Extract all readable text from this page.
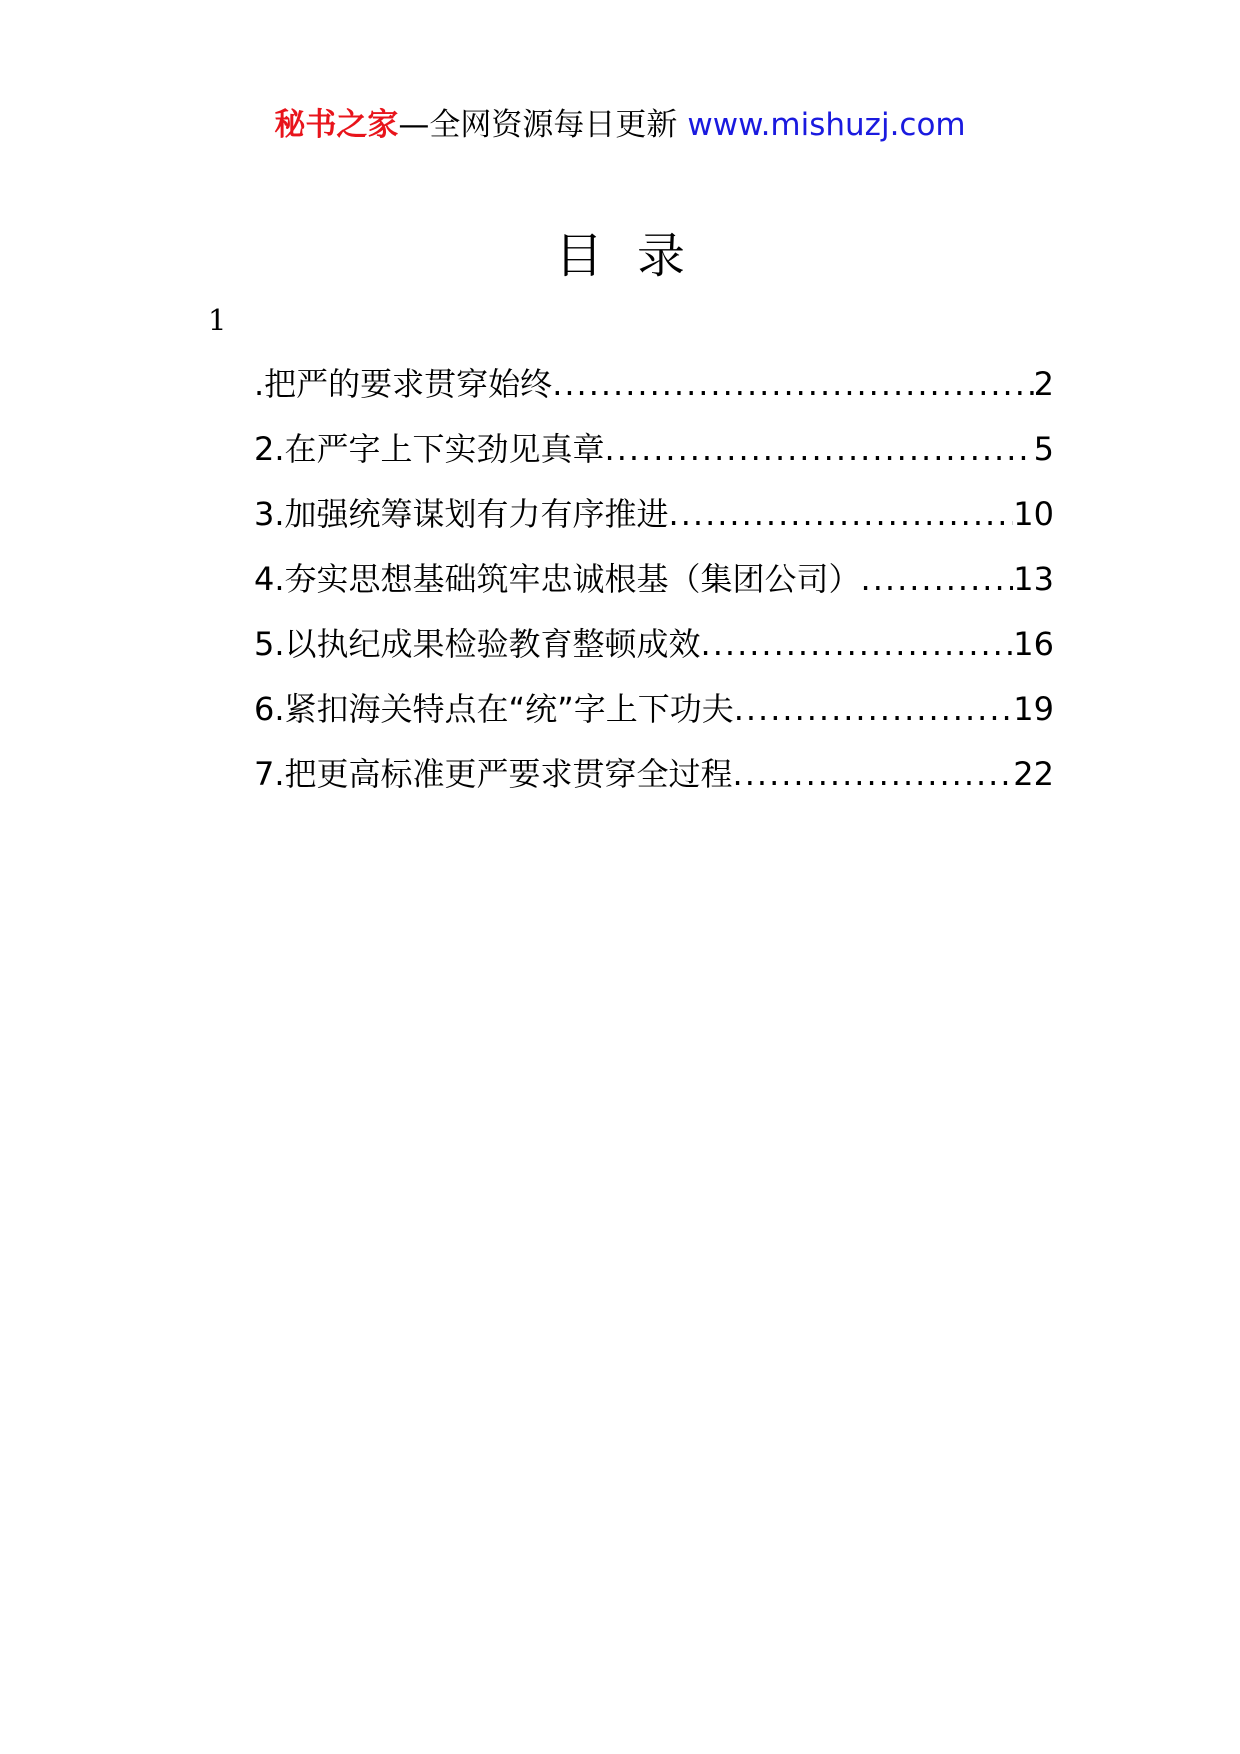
秘书之家—全网资源每日更新 www.mishuzj.com
目录
1
.把严的要求贯穿始终 .....	2
2.在严字上下实劲见真章 .....	5
3.加强统筹谋划有力有序推进 .....	10
4.夯实思想基础筑牢忠诚根基（集团公司） .....	13
5.以执纪成果检验教育整顿成效 .....	16
6.紧扣海关特点在“统”字上下功夫 .....	19
7.把更高标准更严要求贯穿全过程 .....	22
